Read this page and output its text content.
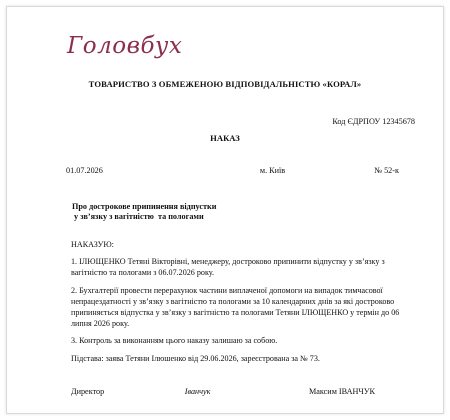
Головбух
ТОВАРИСТВО З ОБМЕЖЕНОЮ ВІДПОВІДАЛЬНІСТЮ «КОРАЛ»
Код ЄДРПОУ 12345678
НАКАЗ
01.07.2026	м. Київ	№ 52-к
Про дострокове припинення відпустки
у зв’язку з вагітністю  та пологами

НАКАЗУЮ:

1. ІЛЮЩЕНКО Тетяні Вікторівні, менеджеру, достроково припинити відпустку у зв’язку з вагітністю та пологами з 06.07.2026 року.

2. Бухгалтерії провести перерахунок частини виплаченої допомоги на випадок тимчасової непрацездатності у зв’язку з вагітністю та пологами за 10 календарних днів за які достроково припиняється відпустка у зв’язку з вагітністю та пологами Тетяни ІЛЮЩЕНКО у термін до 06 липня 2026 року.

3. Контроль за виконанням цього наказу залишаю за собою.

Підстава: заява Тетяни Ілюшенко від 29.06.2026, зареєстрована за № 73.

Директор	Іванчук	Максим ІВАНЧУК
